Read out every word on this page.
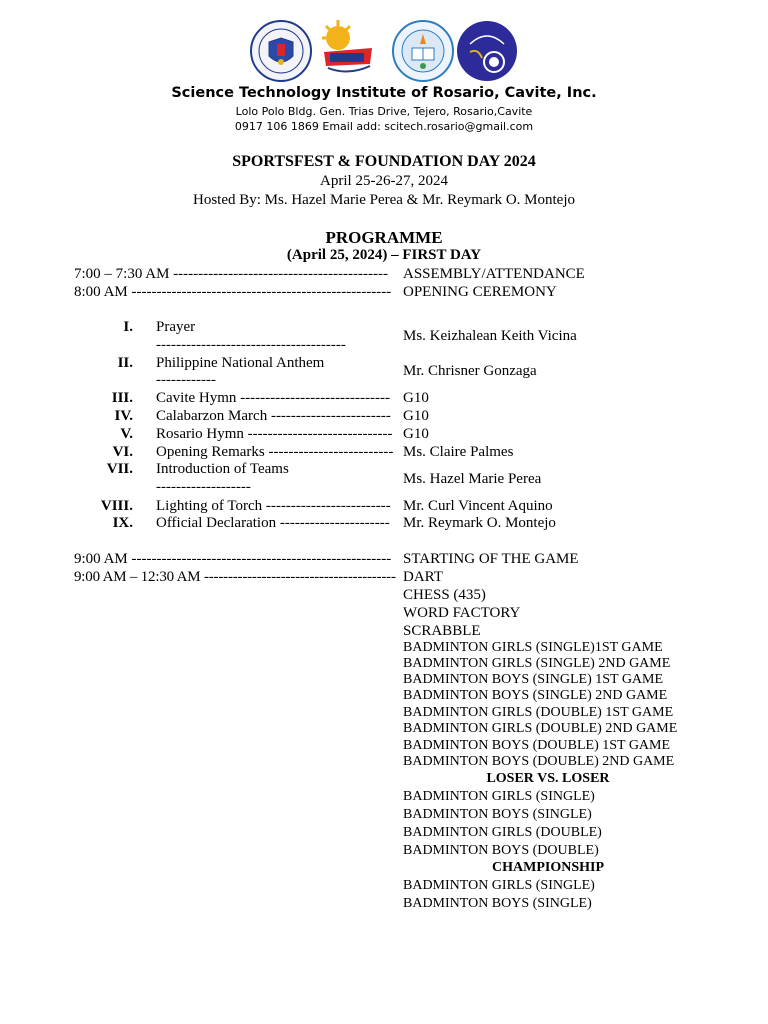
Science Technology Institute of Rosario, Cavite, Inc.
Lolo Polo Bldg. Gen. Trias Drive, Tejero, Rosario,Cavite
0917 106 1869 Email add: scitech.rosario@gmail.com
SPORTSFEST & FOUNDATION DAY 2024
April 25-26-27, 2024
Hosted By: Ms. Hazel Marie Perea & Mr. Reymark O. Montejo
PROGRAMME
(April 25, 2024) – FIRST DAY
7:00 – 7:30 AM ------------------------------------------- ASSEMBLY/ATTENDANCE
8:00 AM ---------------------------------------------------- OPENING CEREMONY
I. Prayer
--------------------------------------
Ms. Keizhalean Keith Vicina
II. Philippine National Anthem
------------
Mr. Chrisner Gonzaga
III. Cavite Hymn ------------------------------ G10
IV. Calabarzon March ------------------------ G10
V. Rosario Hymn ----------------------------- G10
VI. Opening Remarks ------------------------- Ms. Claire Palmes
VII. Introduction of Teams
-------------------	Ms. Hazel Marie Perea
VIII. Lighting of Torch ------------------------- Mr. Curl Vincent Aquino
IX. Official Declaration ---------------------- Mr. Reymark O. Montejo
9:00 AM ---------------------------------------------------- STARTING OF THE GAME
9:00 AM – 12:30 AM ---------------------------------------- DART
CHESS (435)
WORD FACTORY
SCRABBLE
BADMINTON GIRLS (SINGLE)1ST GAME
BADMINTON GIRLS (SINGLE) 2ND GAME
BADMINTON BOYS (SINGLE) 1ST GAME
BADMINTON BOYS (SINGLE) 2ND GAME
BADMINTON GIRLS (DOUBLE) 1ST GAME
BADMINTON GIRLS (DOUBLE) 2ND GAME
BADMINTON BOYS (DOUBLE) 1ST GAME
BADMINTON BOYS (DOUBLE) 2ND GAME
LOSER VS. LOSER
BADMINTON GIRLS (SINGLE)
BADMINTON BOYS (SINGLE)
BADMINTON GIRLS (DOUBLE)
BADMINTON BOYS (DOUBLE)
CHAMPIONSHIP
BADMINTON GIRLS (SINGLE)
BADMINTON BOYS (SINGLE)
